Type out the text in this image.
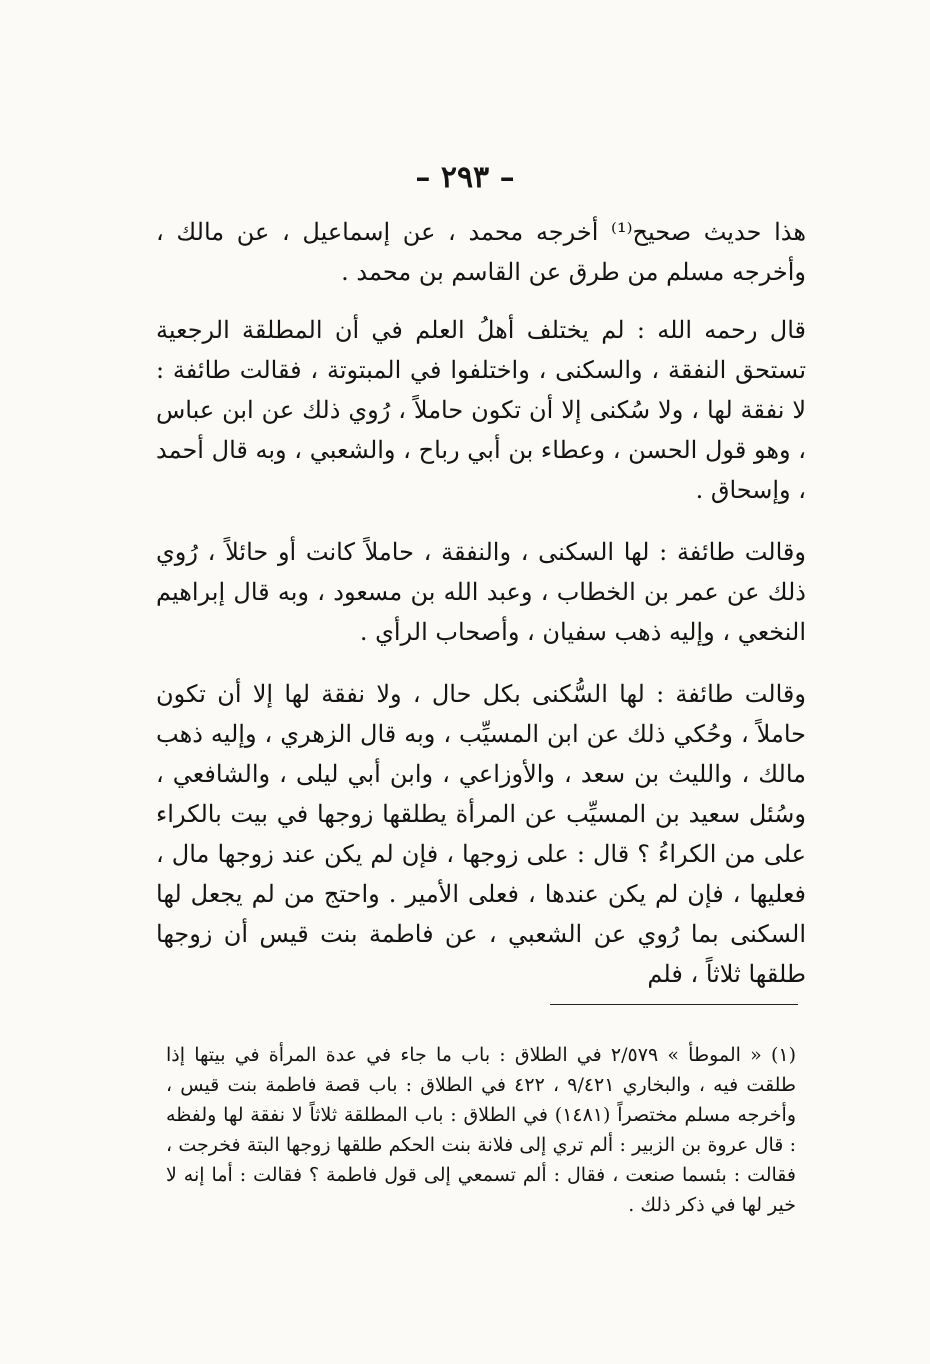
– ٢٩٣ –

هذا حديث صحيح⁽¹⁾ أخرجه محمد ، عن إسماعيل ، عن مالك ، وأخرجه مسلم من طرق عن القاسم بن محمد .

قال رحمه الله : لم يختلف أهلُ العلم في أن المطلقة الرجعية تستحق النفقة ، والسكنى ، واختلفوا في المبتوتة ، فقالت طائفة : لا نفقة لها ، ولا سُكنى إلا أن تكون حاملاً ، رُوي ذلك عن ابن عباس ، وهو قول الحسن ، وعطاء بن أبي رباح ، والشعبي ، وبه قال أحمد ، وإسحاق .

وقالت طائفة : لها السكنى ، والنفقة ، حاملاً كانت أو حائلاً ، رُوي ذلك عن عمر بن الخطاب ، وعبد الله بن مسعود ، وبه قال إبراهيم النخعي ، وإليه ذهب سفيان ، وأصحاب الرأي .

وقالت طائفة : لها السُّكنى بكل حال ، ولا نفقة لها إلا أن تكون حاملاً ، وحُكي ذلك عن ابن المسيِّب ، وبه قال الزهري ، وإليه ذهب مالك ، والليث بن سعد ، والأوزاعي ، وابن أبي ليلى ، والشافعي ، وسُئل سعيد بن المسيِّب عن المرأة يطلقها زوجها في بيت بالكراء على من الكراءُ ؟ قال : على زوجها ، فإن لم يكن عند زوجها مال ، فعليها ، فإن لم يكن عندها ، فعلى الأمير . واحتج من لم يجعل لها السكنى بما رُوي عن الشعبي ، عن فاطمة بنت قيس أن زوجها طلقها ثلاثاً ، فلم

(١) « الموطأ » ٢/٥٧٩ في الطلاق : باب ما جاء في عدة المرأة في بيتها إذا طلقت فيه ، والبخاري ٩/٤٢١ ، ٤٢٢ في الطلاق : باب قصة فاطمة بنت قيس ، وأخرجه مسلم مختصراً (١٤٨١) في الطلاق : باب المطلقة ثلاثاً لا نفقة لها ولفظه : قال عروة بن الزبير : ألم تري إلى فلانة بنت الحكم طلقها زوجها البتة فخرجت ، فقالت : بئسما صنعت ، فقال : ألم تسمعي إلى قول فاطمة ؟ فقالت : أما إنه لا خير لها في ذكر ذلك .
